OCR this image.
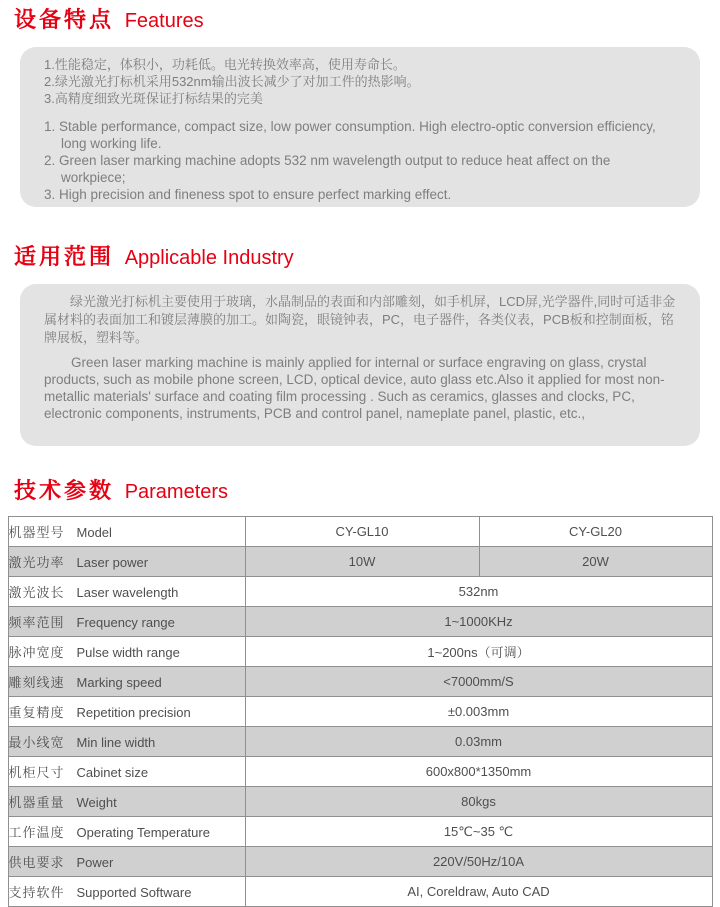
设备特点 Features
1.性能稳定，体积小，功耗低。电光转换效率高，使用寿命长。
2.绿光激光打标机采用532nm输出波长减少了对加工件的热影响。
3.高精度细致光斑保证打标结果的完美
1. Stable performance, compact size, low power consumption. High electro-optic conversion efficiency, long working life.
2. Green laser marking machine adopts 532 nm wavelength output to reduce heat affect on the workpiece;
3. High precision and fineness spot to ensure perfect marking effect.
适用范围 Applicable Industry

绿光激光打标机主要使用于玻璃，水晶制品的表面和内部雕刻，如手机屏，LCD屏,光学器件,同时可适非金属材料的表面加工和镀层薄膜的加工。如陶瓷，眼镜钟表，PC，电子器件，各类仪表，PCB板和控制面板，铭牌展板，塑料等。

Green laser marking machine is mainly applied for internal or surface engraving on glass, crystal products, such as mobile phone screen, LCD, optical device, auto glass etc.Also it applied for most non-metallic materials' surface and coating film processing . Such as ceramics, glasses and clocks, PC, electronic components, instruments, PCB and control panel, nameplate panel, plastic, etc.,

技术参数 Parameters
机器型号 Model	CY-GL10	CY-GL20
激光功率 Laser power	10W	20W
激光波长 Laser wavelength	532nm	
频率范围 Frequency range	1~1000KHz	
脉冲宽度 Pulse width range	1~200ns（可调）	
雕刻线速 Marking speed	<7000mm/S	
重复精度 Repetition precision	±0.003mm	
最小线宽 Min line width	0.03mm	
机柜尺寸 Cabinet size	600x800*1350mm	
机器重量 Weight	80kgs	
工作温度 Operating Temperature	15℃~35 ℃	
供电要求 Power	220V/50Hz/10A	
支持软件 Supported Software	AI, Coreldraw, Auto CAD	
